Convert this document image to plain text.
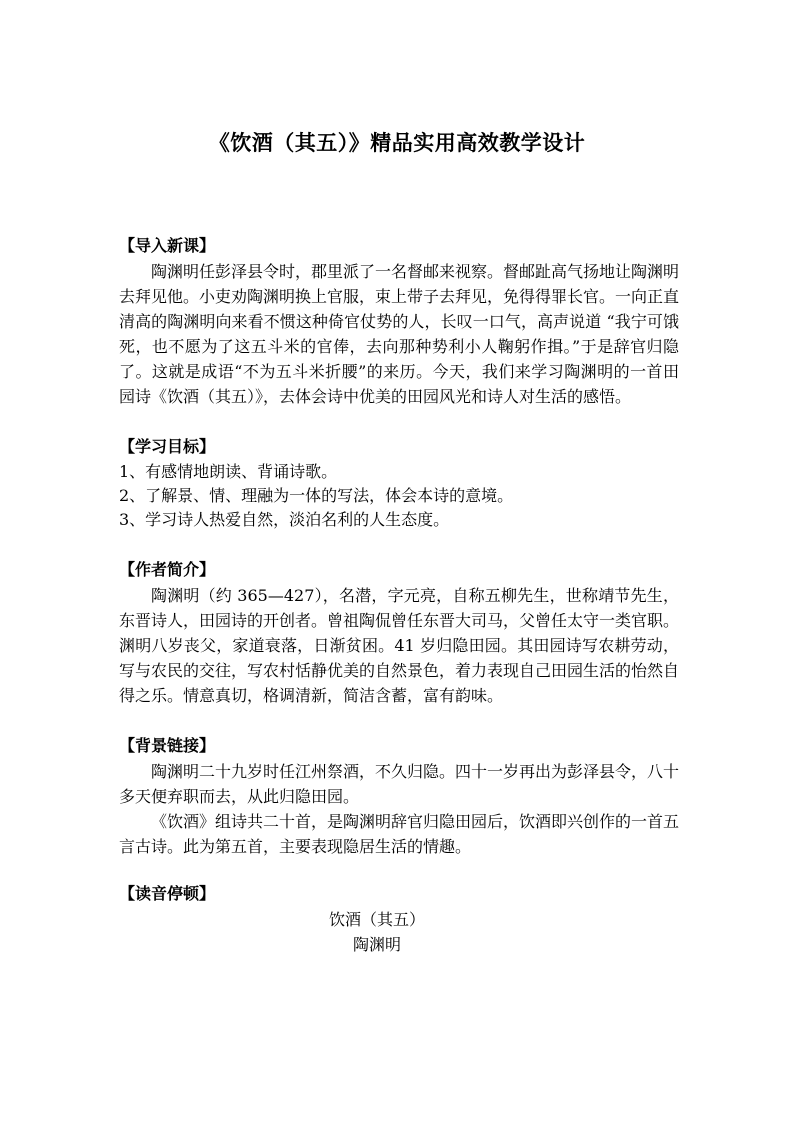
《饮酒（其五）》精品实用高效教学设计
【导入新课】

陶渊明任彭泽县令时，郡里派了一名督邮来视察。督邮趾高气扬地让陶渊明去拜见他。小吏劝陶渊明换上官服，束上带子去拜见，免得得罪长官。一向正直清高的陶渊明向来看不惯这种倚官仗势的人，长叹一口气，高声说道 “我宁可饿死，也不愿为了这五斗米的官俸，去向那种势利小人鞠躬作揖。”于是辞官归隐了。这就是成语“不为五斗米折腰”的来历。今天，我们来学习陶渊明的一首田园诗《饮酒（其五）》，去体会诗中优美的田园风光和诗人对生活的感悟。

【学习目标】

1、有感情地朗读、背诵诗歌。

2、了解景、情、理融为一体的写法，体会本诗的意境。

3、学习诗人热爱自然，淡泊名利的人生态度。

【作者简介】

陶渊明（约 365—427），名潜，字元亮，自称五柳先生，世称靖节先生，东晋诗人，田园诗的开创者。曾祖陶侃曾任东晋大司马，父曾任太守一类官职。渊明八岁丧父，家道衰落，日渐贫困。41 岁归隐田园。其田园诗写农耕劳动，写与农民的交往，写农村恬静优美的自然景色，着力表现自己田园生活的怡然自得之乐。情意真切，格调清新，简洁含蓄，富有韵味。

【背景链接】

陶渊明二十九岁时任江州祭酒，不久归隐。四十一岁再出为彭泽县令，八十多天便弃职而去，从此归隐田园。

《饮酒》组诗共二十首，是陶渊明辞官归隐田园后，饮酒即兴创作的一首五言古诗。此为第五首，主要表现隐居生活的情趣。

【读音停顿】
饮酒（其五）
陶渊明
